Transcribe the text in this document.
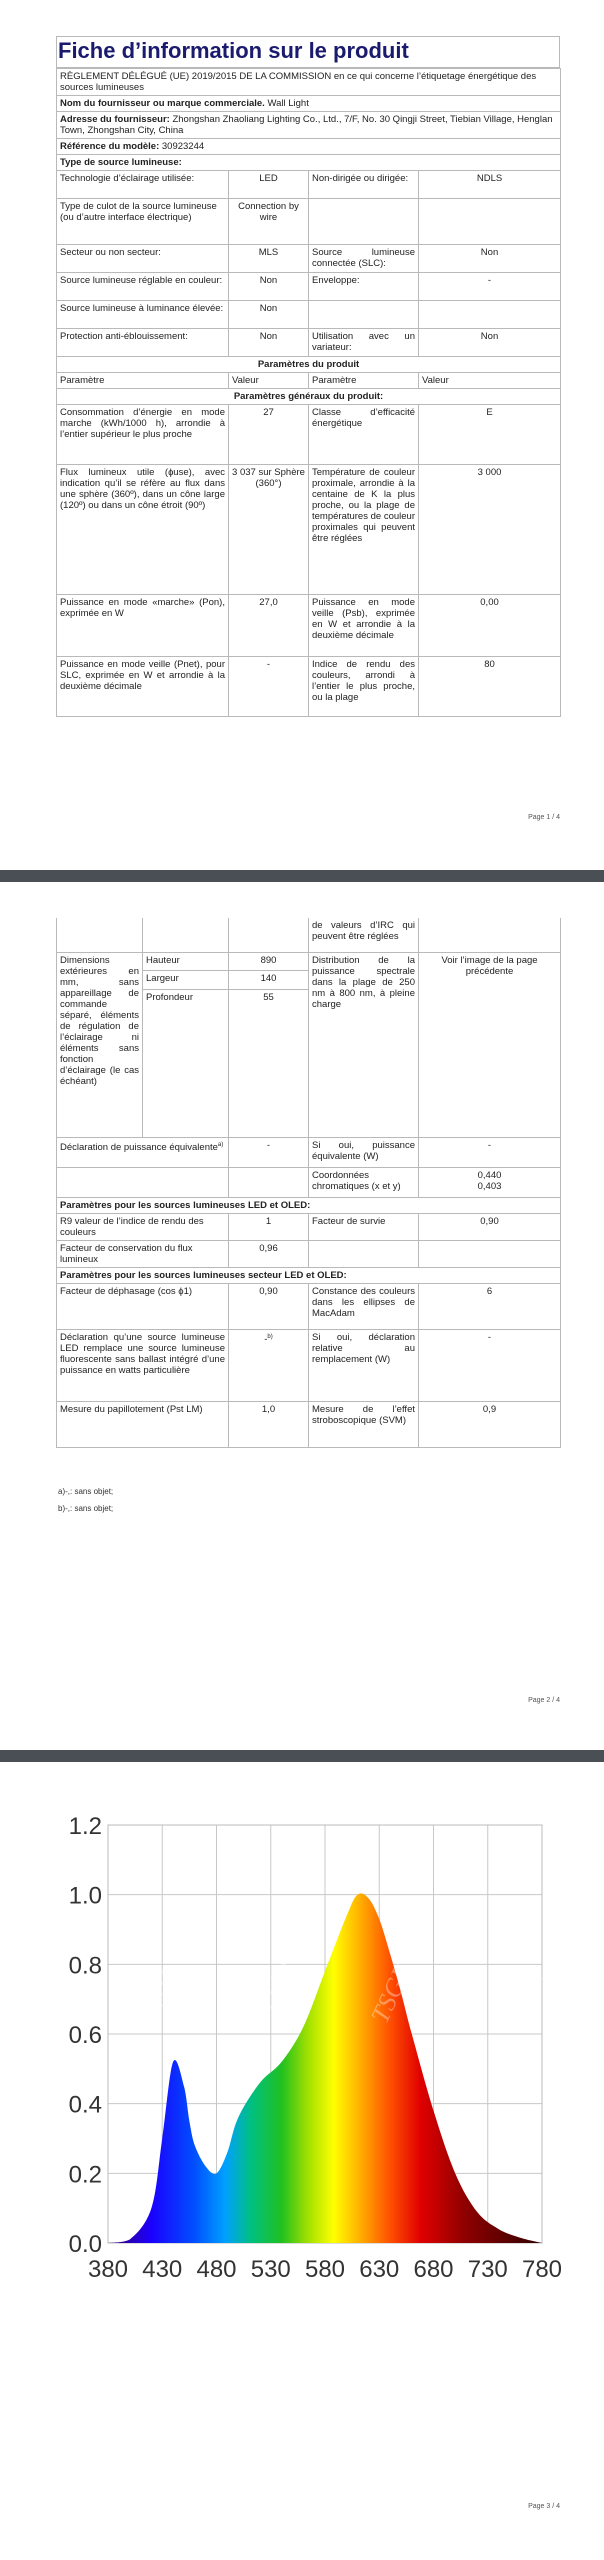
Fiche d’information sur le produit
RÈGLEMENT DÉLÉGUÉ (UE) 2019/2015 DE LA COMMISSION en ce qui concerne l’étiquetage énergétique des sources lumineuses			
Nom du fournisseur ou marque commerciale. Wall Light			
Adresse du fournisseur: Zhongshan Zhaoliang Lighting Co., Ltd., 7/F, No. 30 Qingji Street, Tiebian Village, Henglan Town, Zhongshan City, China			
Référence du modèle: 30923244			
Type de source lumineuse:			
Technologie d’éclairage utilisée:	LED	Non-dirigée ou dirigée:	NDLS

Type de culot de la source lumineuse
(ou d’autre interface électrique)	Connection by wire		
Secteur ou non secteur:	MLS	Source lumineuse connectée (SLC):	Non
Source lumineuse réglable en couleur:	Non	Enveloppe:	-
Source lumineuse à luminance élevée:	Non		
Protection anti-éblouissement:	Non	Utilisation avec un variateur:	Non
Paramètres du produit			
Paramètre	Valeur	Paramètre	Valeur
Paramètres généraux du produit:			
Consommation d’énergie en mode marche (kWh/1000 h), arrondie à l’entier supérieur le plus proche	27	Classe d’efficacité énergétique	E
Flux lumineux utile (ɸuse), avec indication qu’il se réfère au flux dans une sphère (360º), dans un cône large (120º) ou dans un cône étroit (90º)	3 037 sur Sphère (360°)	Température de couleur proximale, arrondie à la centaine de K la plus proche, ou la plage de températures de couleur proximales qui peuvent être réglées	3 000
Puissance en mode «marche» (Pon), exprimée en W	27,0	Puissance en mode veille (Psb), exprimée en W et arrondie à la deuxième décimale	0,00
Puissance en mode veille (Pnet), pour SLC, exprimée en W et arrondie à la deuxième décimale	-	Indice de rendu des couleurs, arrondi à l’entier le plus proche, ou la plage	80
Page 1 / 4
			de valeurs d’IRC qui peuvent être réglées	
Dimensions extérieures en mm, sans appareillage de commande séparé, éléments de régulation de l’éclairage ni éléments sans fonction d’éclairage (le cas échéant)	Hauteur	890	Distribution de la puissance spectrale dans la plage de 250 nm à 800 nm, à pleine charge	Voir l’image de la page précédente
	Largeur	140		
	Profondeur	55		
Déclaration de puissance équivalente$^{a)}$		-	Si oui, puissance équivalente (W)	-
			Coordonnées chromatiques (x et y)	0,440
0,403

Paramètres pour les sources lumineuses LED et OLED:				
R9 valeur de l’indice de rendu des couleurs		1	Facteur de survie	0,90
Facteur de conservation du flux lumineux		0,96		
Paramètres pour les sources lumineuses secteur LED et OLED:				
Facteur de déphasage (cos ϕ1)		0,90	Constance des couleurs dans les ellipses de MacAdam	6
Déclaration qu’une source lumineuse LED remplace une source lumineuse fluorescente sans ballast intégré d’une puissance en watts particulière		-$^{b)}$	Si oui, déclaration relative au remplacement (W)	-
Mesure du papillotement (Pst LM)		1,0	Mesure de l’effet stroboscopique (SVM)	0,9
a)-,: sans objet;
b)-,: sans objet;
Page 2 / 4
Page 3 / 4
TSGK	TSGK TSGK	TSGK
0.0
0.2
0.4
0.6
0.8
1.0
1.2
380 430 480 530 580 630 680 730 780
